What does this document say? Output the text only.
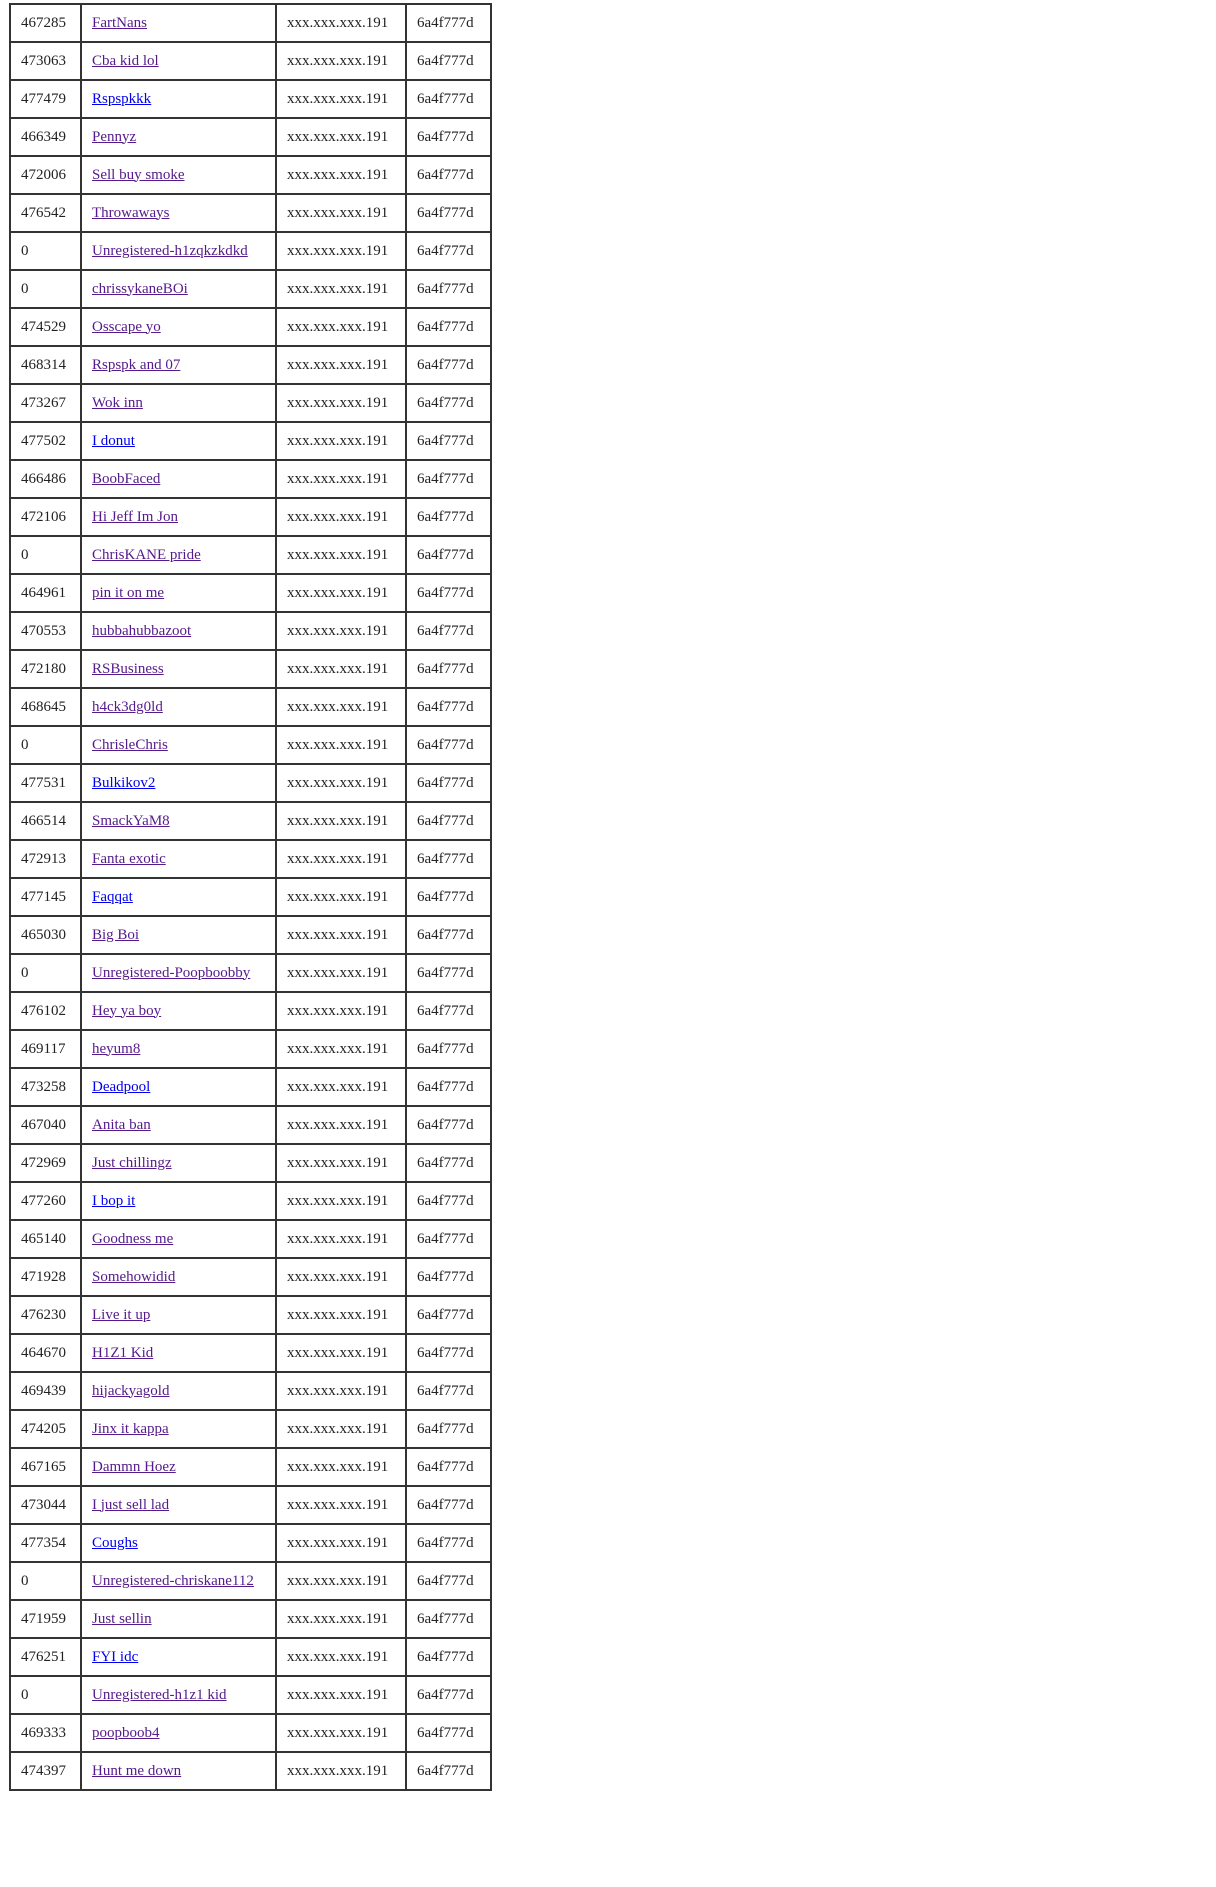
467285	FartNans	xxx.xxx.xxx.191	6a4f777d
473063	Cba kid lol	xxx.xxx.xxx.191	6a4f777d
477479	Rspspkkk	xxx.xxx.xxx.191	6a4f777d
466349	Pennyz	xxx.xxx.xxx.191	6a4f777d
472006	Sell buy smoke	xxx.xxx.xxx.191	6a4f777d
476542	Throwaways	xxx.xxx.xxx.191	6a4f777d
0	Unregistered-h1zqkzkdkd	xxx.xxx.xxx.191	6a4f777d
0	chrissykaneBOi	xxx.xxx.xxx.191	6a4f777d
474529	Osscape yo	xxx.xxx.xxx.191	6a4f777d
468314	Rspspk and 07	xxx.xxx.xxx.191	6a4f777d
473267	Wok inn	xxx.xxx.xxx.191	6a4f777d
477502	I donut	xxx.xxx.xxx.191	6a4f777d
466486	BoobFaced	xxx.xxx.xxx.191	6a4f777d
472106	Hi Jeff Im Jon	xxx.xxx.xxx.191	6a4f777d
0	ChrisKANE pride	xxx.xxx.xxx.191	6a4f777d
464961	pin it on me	xxx.xxx.xxx.191	6a4f777d
470553	hubbahubbazoot	xxx.xxx.xxx.191	6a4f777d
472180	RSBusiness	xxx.xxx.xxx.191	6a4f777d
468645	h4ck3dg0ld	xxx.xxx.xxx.191	6a4f777d
0	ChrisleChris	xxx.xxx.xxx.191	6a4f777d
477531	Bulkikov2	xxx.xxx.xxx.191	6a4f777d
466514	SmackYaM8	xxx.xxx.xxx.191	6a4f777d
472913	Fanta exotic	xxx.xxx.xxx.191	6a4f777d
477145	Faqqat	xxx.xxx.xxx.191	6a4f777d
465030	Big Boi	xxx.xxx.xxx.191	6a4f777d
0	Unregistered-Poopboobby	xxx.xxx.xxx.191	6a4f777d
476102	Hey ya boy	xxx.xxx.xxx.191	6a4f777d
469117	heyum8	xxx.xxx.xxx.191	6a4f777d
473258	Deadpool	xxx.xxx.xxx.191	6a4f777d
467040	Anita ban	xxx.xxx.xxx.191	6a4f777d
472969	Just chillingz	xxx.xxx.xxx.191	6a4f777d
477260	I bop it	xxx.xxx.xxx.191	6a4f777d
465140	Goodness me	xxx.xxx.xxx.191	6a4f777d
471928	Somehowidid	xxx.xxx.xxx.191	6a4f777d
476230	Live it up	xxx.xxx.xxx.191	6a4f777d
464670	H1Z1 Kid	xxx.xxx.xxx.191	6a4f777d
469439	hijackyagold	xxx.xxx.xxx.191	6a4f777d
474205	Jinx it kappa	xxx.xxx.xxx.191	6a4f777d
467165	Dammn Hoez	xxx.xxx.xxx.191	6a4f777d
473044	I just sell lad	xxx.xxx.xxx.191	6a4f777d
477354	Coughs	xxx.xxx.xxx.191	6a4f777d
0	Unregistered-chriskane112	xxx.xxx.xxx.191	6a4f777d
471959	Just sellin	xxx.xxx.xxx.191	6a4f777d
476251	FYI idc	xxx.xxx.xxx.191	6a4f777d
0	Unregistered-h1z1 kid	xxx.xxx.xxx.191	6a4f777d
469333	poopboob4	xxx.xxx.xxx.191	6a4f777d
474397	Hunt me down	xxx.xxx.xxx.191	6a4f777d
